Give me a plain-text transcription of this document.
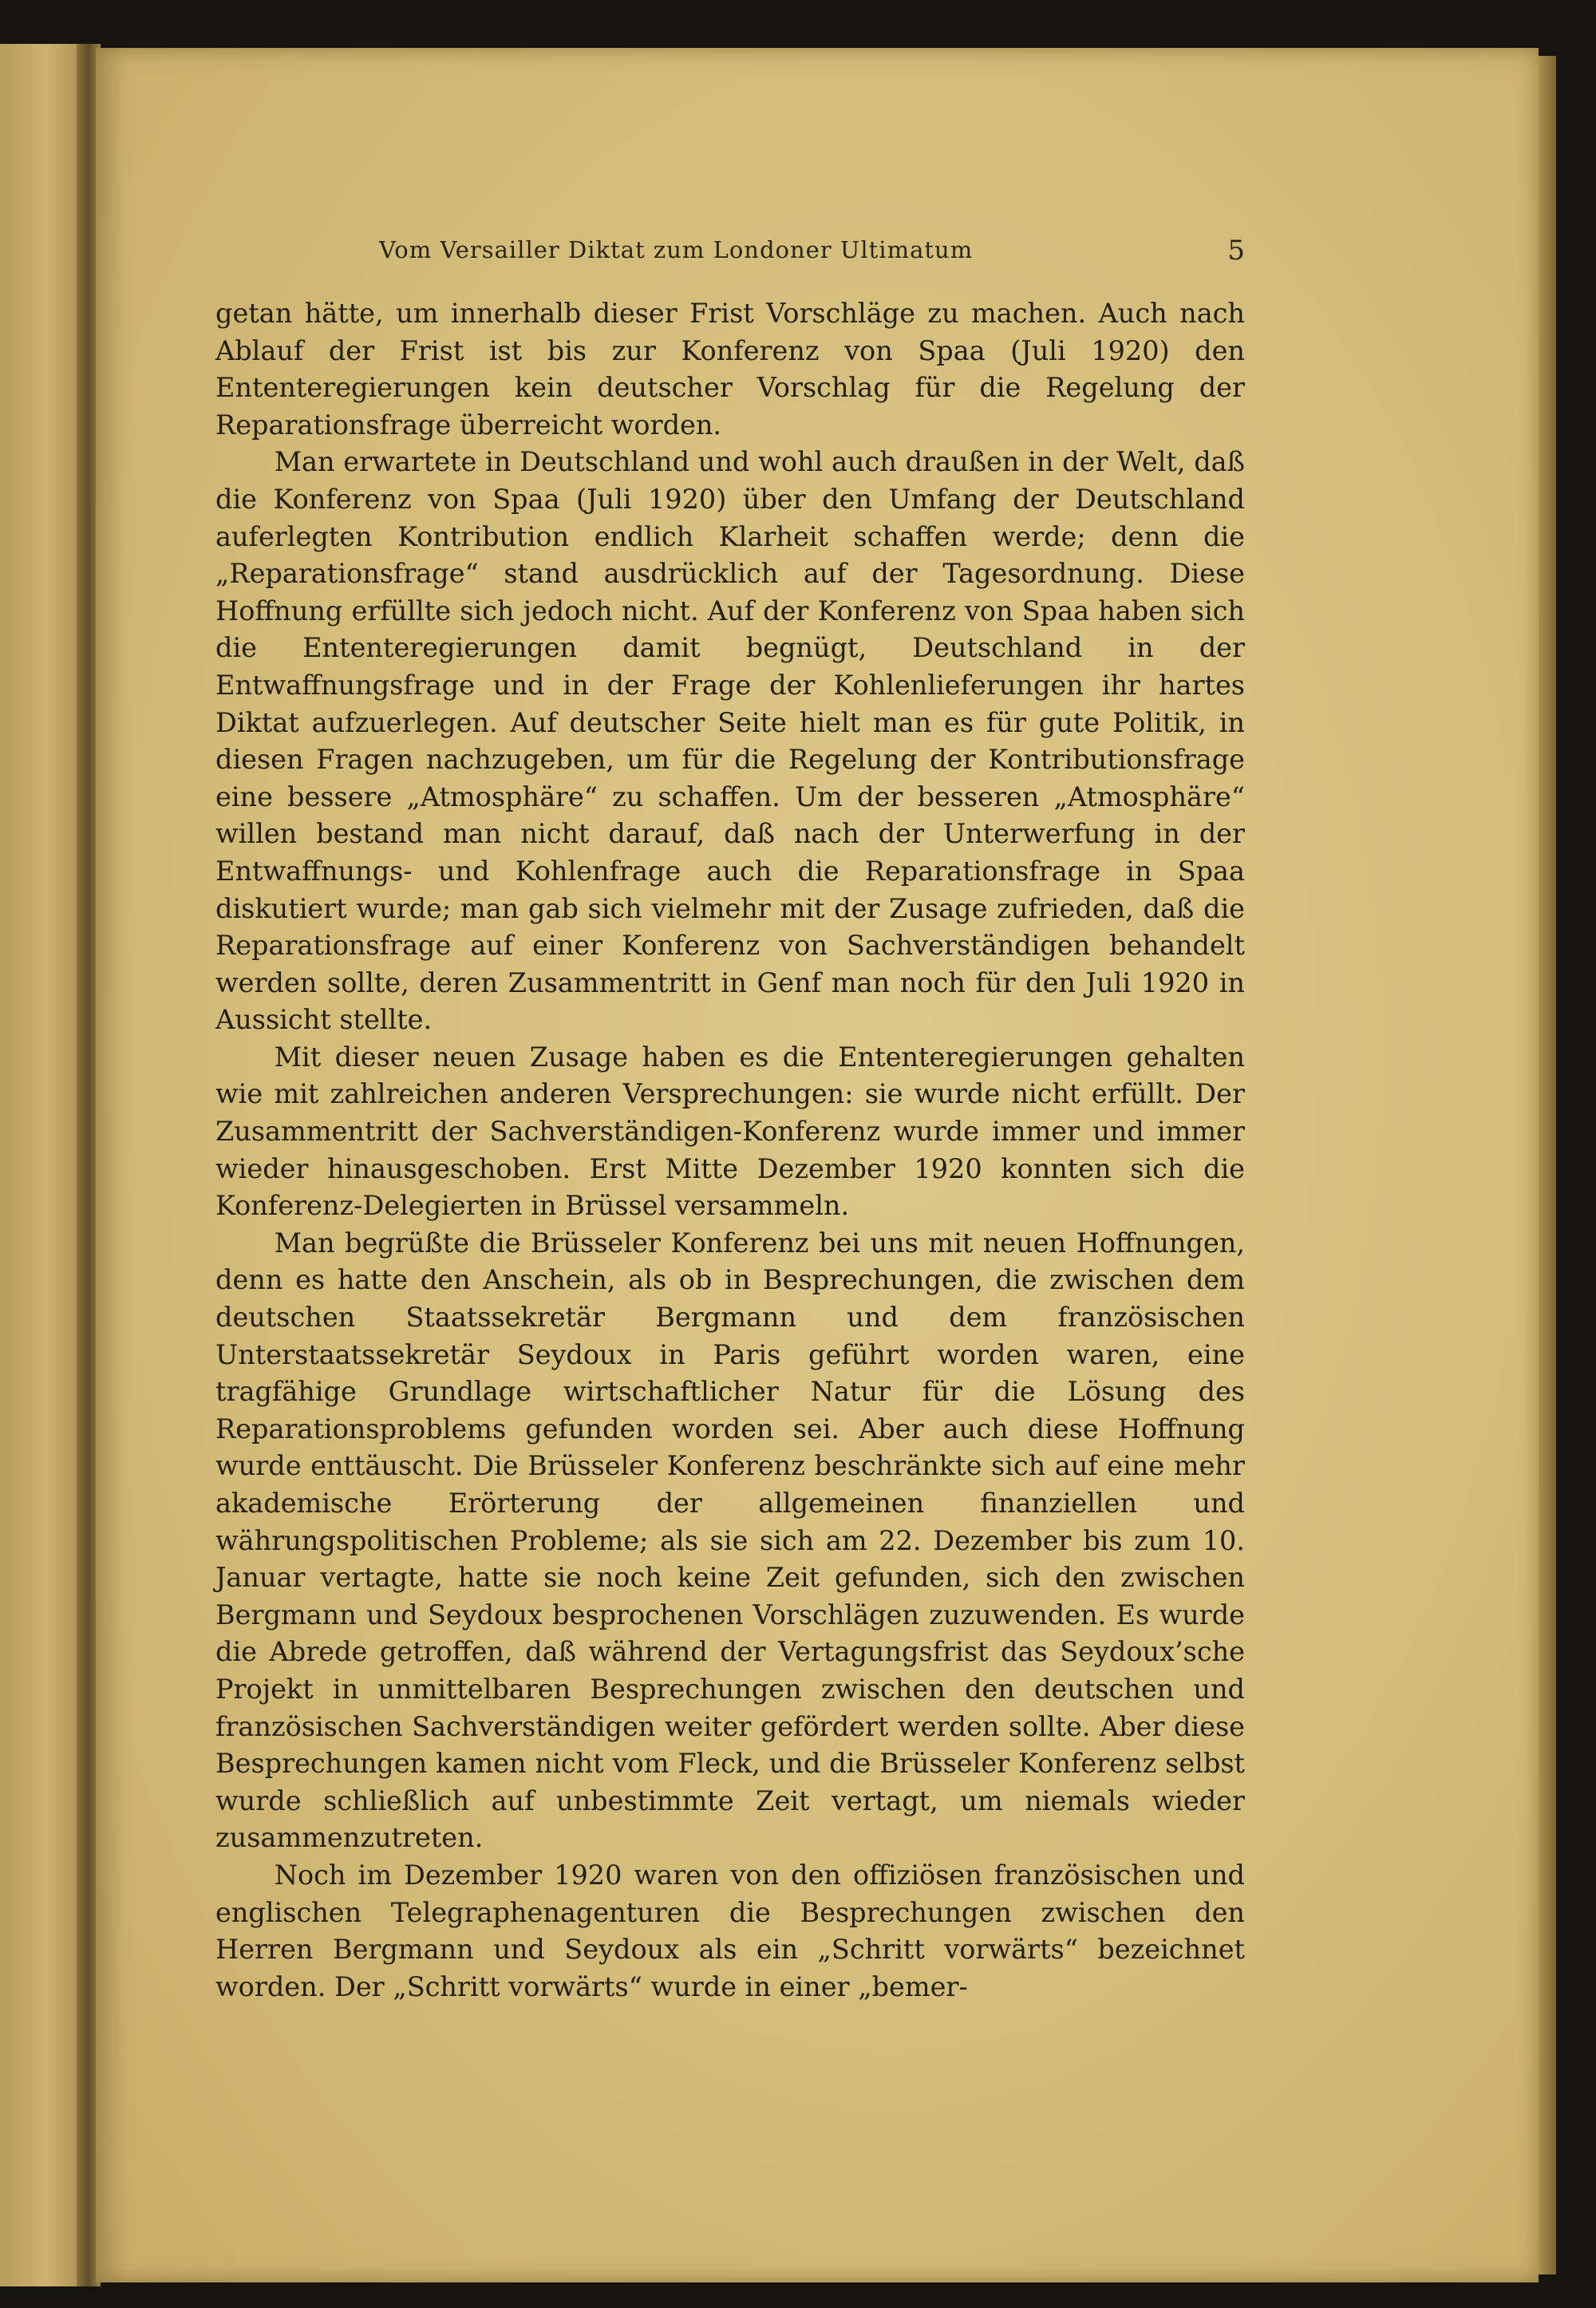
Vom Versailler Diktat zum Londoner Ultimatum	5

getan hätte, um innerhalb dieser Frist Vorschläge zu machen. Auch nach Ablauf der Frist ist bis zur Konferenz von Spaa (Juli 1920) den Ententeregierungen kein deutscher Vorschlag für die Regelung der Reparationsfrage überreicht worden.

Man erwartete in Deutschland und wohl auch draußen in der Welt, daß die Konferenz von Spaa (Juli 1920) über den Umfang der Deutschland auferlegten Kontribution endlich Klarheit schaffen werde; denn die „Reparationsfrage“ stand ausdrücklich auf der Tagesordnung. Diese Hoffnung erfüllte sich jedoch nicht. Auf der Konferenz von Spaa haben sich die Ententeregierungen damit begnügt, Deutschland in der Entwaffnungsfrage und in der Frage der Kohlenlieferungen ihr hartes Diktat aufzuerlegen. Auf deutscher Seite hielt man es für gute Politik, in diesen Fragen nachzugeben, um für die Regelung der Kontributionsfrage eine bessere „Atmosphäre“ zu schaffen. Um der besseren „Atmosphäre“ willen bestand man nicht darauf, daß nach der Unterwerfung in der Entwaffnungs- und Kohlenfrage auch die Reparationsfrage in Spaa diskutiert wurde; man gab sich vielmehr mit der Zusage zufrieden, daß die Reparationsfrage auf einer Konferenz von Sachverständigen behandelt werden sollte, deren Zusammentritt in Genf man noch für den Juli 1920 in Aussicht stellte.

Mit dieser neuen Zusage haben es die Ententeregierungen gehalten wie mit zahlreichen anderen Versprechungen: sie wurde nicht erfüllt. Der Zusammentritt der Sachverständigen-Konferenz wurde immer und immer wieder hinausgeschoben. Erst Mitte Dezember 1920 konnten sich die Konferenz-Delegierten in Brüssel versammeln.

Man begrüßte die Brüsseler Konferenz bei uns mit neuen Hoffnungen, denn es hatte den Anschein, als ob in Besprechungen, die zwischen dem deutschen Staatssekretär Bergmann und dem französischen Unterstaatssekretär Seydoux in Paris geführt worden waren, eine tragfähige Grundlage wirtschaftlicher Natur für die Lösung des Reparationsproblems gefunden worden sei. Aber auch diese Hoffnung wurde enttäuscht. Die Brüsseler Konferenz beschränkte sich auf eine mehr akademische Erörterung der allgemeinen finanziellen und währungspolitischen Probleme; als sie sich am 22. Dezember bis zum 10. Januar vertagte, hatte sie noch keine Zeit gefunden, sich den zwischen Bergmann und Seydoux besprochenen Vorschlägen zuzuwenden. Es wurde die Abrede getroffen, daß während der Vertagungsfrist das Seydoux’sche Projekt in unmittelbaren Besprechungen zwischen den deutschen und französischen Sachverständigen weiter gefördert werden sollte. Aber diese Besprechungen kamen nicht vom Fleck, und die Brüsseler Konferenz selbst wurde schließlich auf unbestimmte Zeit vertagt, um niemals wieder zusammenzutreten.

Noch im Dezember 1920 waren von den offiziösen französischen und englischen Telegraphenagenturen die Besprechungen zwischen den Herren Bergmann und Seydoux als ein „Schritt vorwärts“ bezeichnet worden. Der „Schritt vorwärts“ wurde in einer „bemer-
